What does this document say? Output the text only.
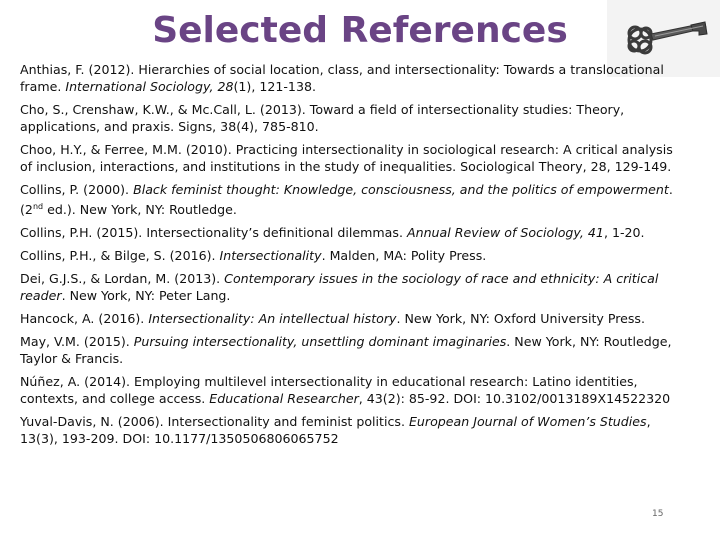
Selected References

Anthias, F. (2012). Hierarchies of social location, class, and intersectionality: Towards a translocational frame. International Sociology, 28(1), 121-138.

Cho, S., Crenshaw, K.W., & Mc.Call, L. (2013). Toward a field of intersectionality studies: Theory, applications, and praxis. Signs, 38(4), 785-810.

Choo, H.Y., & Ferree, M.M. (2010). Practicing intersectionality in sociological research: A critical analysis of inclusion, interactions, and institutions in the study of inequalities. Sociological Theory, 28, 129-149.

Collins, P. (2000). Black feminist thought: Knowledge, consciousness, and the politics of empowerment. (2nd ed.). New York, NY: Routledge.

Collins, P.H. (2015). Intersectionality’s definitional dilemmas. Annual Review of Sociology, 41, 1-20.

Collins, P.H., & Bilge, S. (2016). Intersectionality. Malden, MA: Polity Press.

Dei, G.J.S., & Lordan, M. (2013). Contemporary issues in the sociology of race and ethnicity: A critical reader. New York, NY: Peter Lang.

Hancock, A. (2016). Intersectionality: An intellectual history. New York, NY: Oxford University Press.

May, V.M. (2015). Pursuing intersectionality, unsettling dominant imaginaries. New York, NY: Routledge, Taylor & Francis.

Núñez, A. (2014). Employing multilevel intersectionality in educational research: Latino identities, contexts, and college access. Educational Researcher, 43(2): 85-92. DOI: 10.3102/0013189X14522320

Yuval-Davis, N. (2006). Intersectionality and feminist politics. European Journal of Women’s Studies, 13(3), 193-209. DOI: 10.1177/1350506806065752

15
